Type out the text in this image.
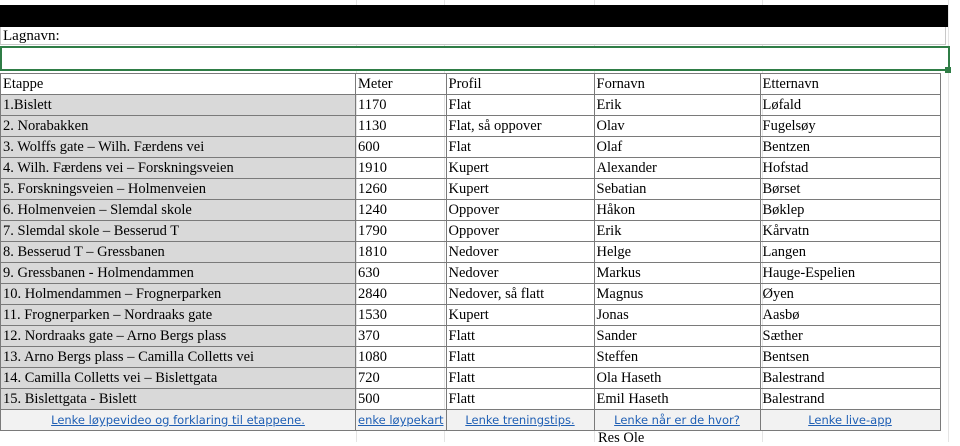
Lagnavn:
Etappe	Meter	Profil	Fornavn	Etternavn
1.Bislett	1170	Flat	Erik	Løfald
2. Norabakken	1130	Flat, så oppover	Olav	Fugelsøy
3. Wolffs gate – Wilh. Færdens vei	600	Flat	Olaf	Bentzen
4. Wilh. Færdens vei – Forskningsveien	1910	Kupert	Alexander	Hofstad
5. Forskningsveien – Holmenveien	1260	Kupert	Sebatian	Børset
6. Holmenveien – Slemdal skole	1240	Oppover	Håkon	Bøklep
7. Slemdal skole – Besserud T	1790	Oppover	Erik	Kårvatn
8. Besserud T – Gressbanen	1810	Nedover	Helge	Langen
9. Gressbanen - Holmendammen	630	Nedover	Markus	Hauge-Espelien
10. Holmendammen – Frognerparken	2840	Nedover, så flatt	Magnus	Øyen
11. Frognerparken – Nordraaks gate	1530	Kupert	Jonas	Aasbø
12. Nordraaks gate – Arno Bergs plass	370	Flatt	Sander	Sæther
13. Arno Bergs plass – Camilla Colletts vei	1080	Flatt	Steffen	Bentsen
14. Camilla Colletts vei – Bislettgata	720	Flatt	Ola Haseth	Balestrand
15. Bislettgata - Bislett	500	Flatt	Emil Haseth	Balestrand
Lenke løypevideo og forklaring til etappene.	enke løypekart	Lenke treningstips.	Lenke når er de hvor?	Lenke live-app
Res Ole
